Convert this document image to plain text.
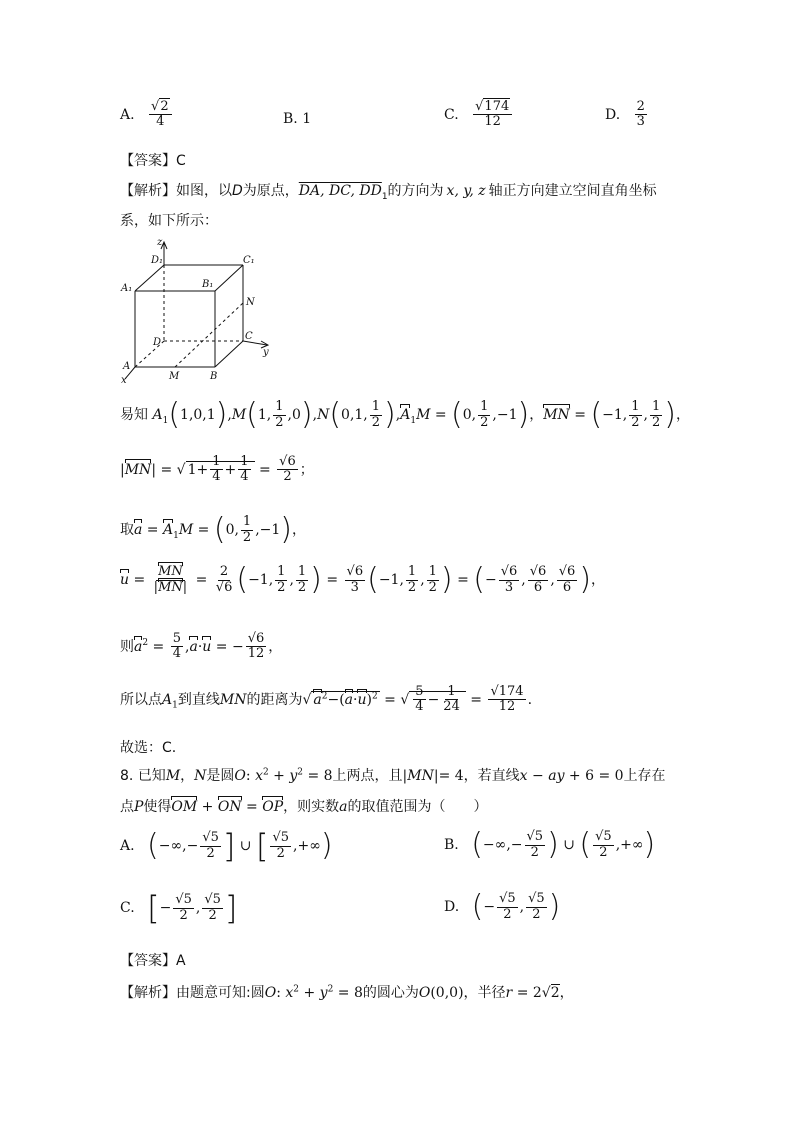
A. $\frac{√2}{4}$	B. 1	C. $\frac{√174}{12}$	D. $\frac{2}{3}$
【答案】C
【解析】如图，以D为原点，DA, DC, $DD_1$的方向为 x, y, z 轴正方向建立空间直角坐标
系，如下所示：
z
D₁	C₁
A₁	B₁
N
D
C
y
A
M	B
x
易知 $A_1(1,0,1),M(1$, $\frac{1}{2} ,0),N(0,1$, $\frac{1}{2} ),A_1M = (0$, $\frac{1}{2} ,-1$)，MN = (−1, $\frac{1}{2}$ , $\frac{1}{2}$ )，
|MN| = √ $1+ \frac{1}{4} + \frac{1}{4} = \frac{√6}{2}$ ；
取$a = A_1M = (0$, $\frac{1}{2} ,-1$)，
$u = \frac{MN}{|MN|} = \frac{2}{√6} (-1$, $\frac{1}{2}$ , $\frac{1}{2}$ ) = $\frac{√6}{3} (-1$, $\frac{1}{2}$ , $\frac{1}{2}$ ) = (− $\frac{√6}{3}$ , $\frac{√6}{6}$ , $\frac{√6}{6}$ )，
则$a^2 = \frac{5}{4} ,a\cdot u$ = − $\frac{√6}{12}$ ，
所以点$A_1$到直线MN的距离为√ $a^2-(a\cdot u)^2$ = √ $\frac{5}{4} - \frac{1}{24} = \frac{√174}{12}$ .
故选：C.
8. 已知M，N是圆O: $x^2 + y^2 = 8$上两点，且|MN|= 4，若直线x − ay + 6 = 0上存在
点P使得OM + ON = OP，则实数a的取值范围为（　　）
A. (−∞,− $\frac{√5}{2}$ ] ∪ [ $\frac{√5}{2}$ ,+∞)	B. (−∞,− $\frac{√5}{2}$ ) ∪ ( $\frac{√5}{2}$ ,+∞)
C. [− $\frac{√5}{2}$ , $\frac{√5}{2}$ ]	D. (− $\frac{√5}{2}$ , $\frac{√5}{2}$ )
【答案】A
【解析】由题意可知:圆O: $x^2 + y^2 = 8$的圆心为O(0,0)，半径r = 2√2，
